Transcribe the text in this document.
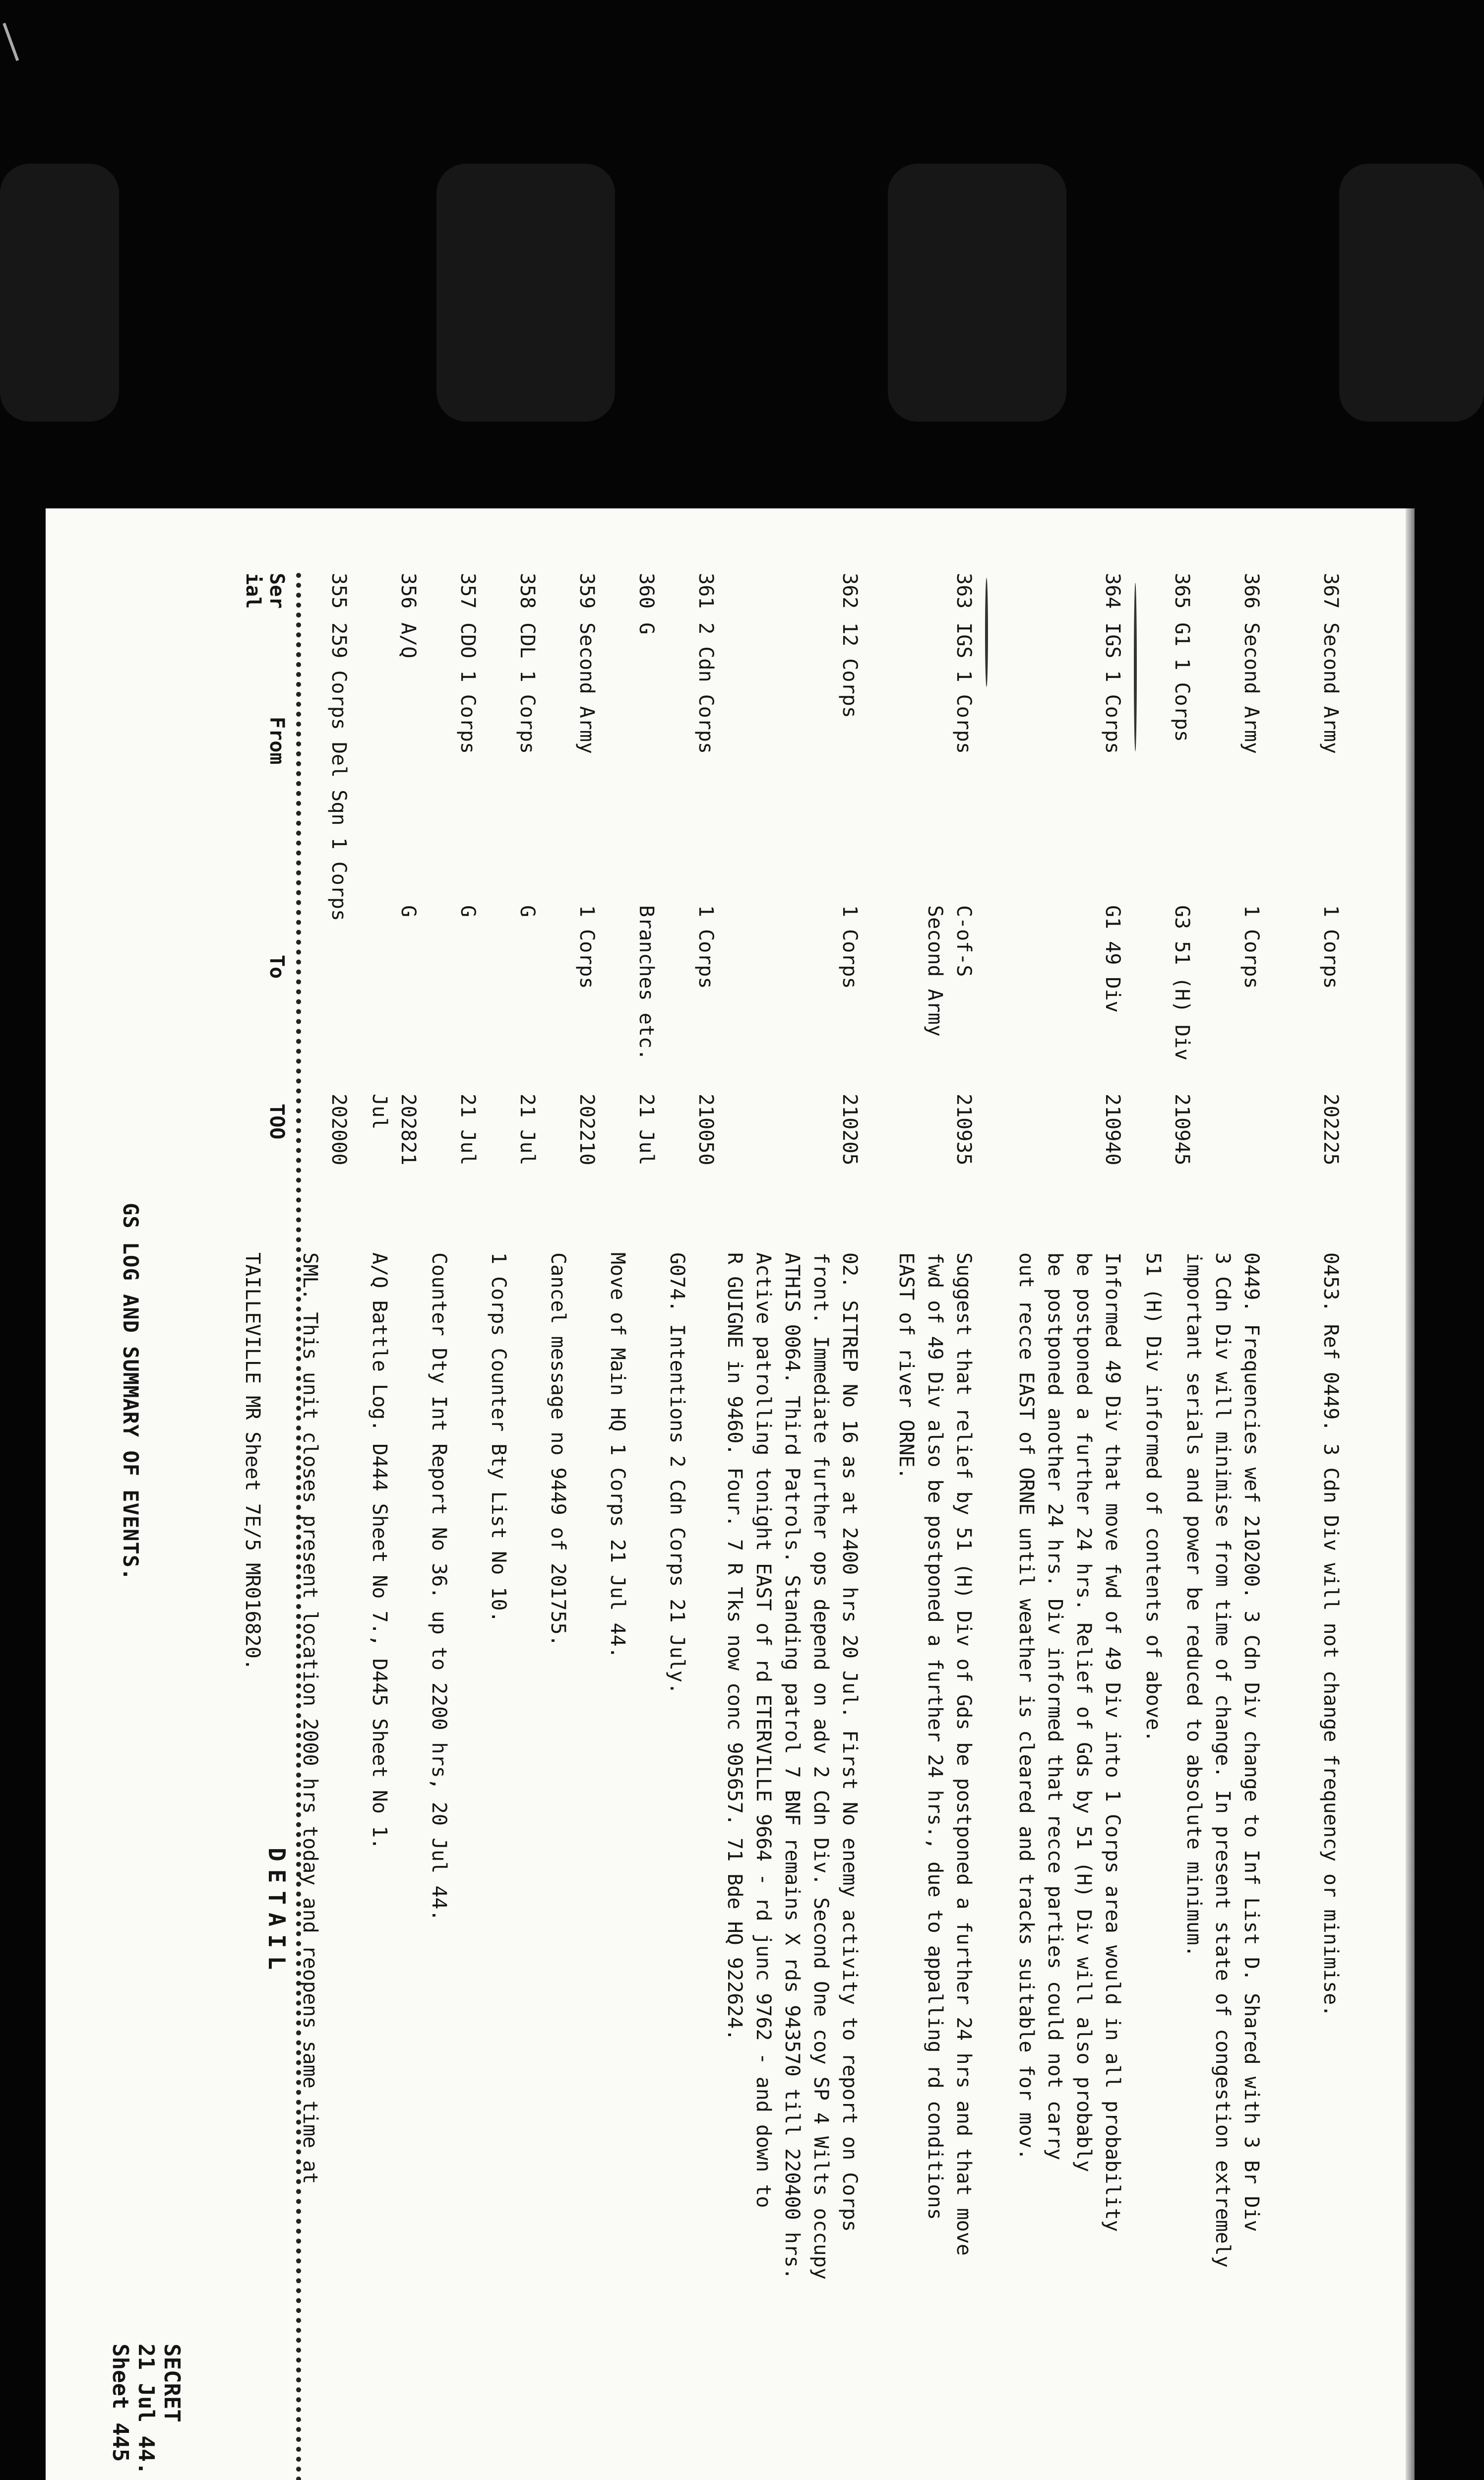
GS LOG AND SUMMARY OF EVENTS.
SECRET
21 Jul 44.
Sheet 445
Ser
ial
From
To
TOO
DETAIL
355
259 Corps Del Sqn 1 Corps
202000

SML. This unit closes present location 2000 hrs today and reopens same time at

TAILLEVILLE MR Sheet 7E/5 MR016820.

356
A/Q
G
202821
Jul

A/Q Battle Log. D444 Sheet No 7., D445 Sheet No 1.

357
CDO 1 Corps
G
21 Jul

Counter Dty Int Report No 36. up to 2200 hrs, 20 Jul 44.

358
CDL 1 Corps
G
21 Jul

1 Corps Counter Bty List No 10.

359
Second Army
1 Corps
202210

Cancel message no 9449 of 201755.

360
G
Branches etc.
21 Jul

Move of Main HQ 1 Corps 21 Jul 44.

361
2 Cdn Corps
1 Corps
210050

G074. Intentions 2 Cdn Corps 21 July.

362
12 Corps
1 Corps
210205
02. SITREP No 16 as at 2400 hrs 20 Jul. First No enemy activity to report on Corps
front. Immediate further ops depend on adv 2 Cdn Div. Second One coy SP 4 Wilts occupy
ATHIS 0064. Third Patrols. Standing patrol 7 BNF remains X rds 943570 till 220400 hrs.
Active patrolling tonight EAST of rd ETERVILLE 9664 - rd junc 9762 - and down to
R GUIGNE in 9460. Four. 7 R Tks now conc 905657. 71 Bde HQ 922624.
363
IGS 1 Corps
C-of-S
Second Army
210935
Suggest that relief by 51 (H) Div of Gds be postponed a further 24 hrs and that move
fwd of 49 Div also be postponed a further 24 hrs., due to appalling rd conditions
EAST of river ORNE.
364
IGS 1 Corps
G1 49 Div
210940
Informed 49 Div that move fwd of 49 Div into 1 Corps area would in all probability
be postponed a further 24 hrs. Relief of Gds by 51 (H) Div will also probably
be postponed another 24 hrs. Div informed that recce parties could not carry
out recce EAST of ORNE until weather is cleared and tracks suitable for mov.
365
G1 1 Corps
G3 51 (H) Div
210945

51 (H) Div informed of contents of above.

366
Second Army
1 Corps
0449. Frequencies wef 210200. 3 Cdn Div change to Inf List D. Shared with 3 Br Div
3 Cdn Div will minimise from time of change. In present state of congestion extremely
important serials and power be reduced to absolute minimum.
367
Second Army
1 Corps
202225
0453. Ref 0449. 3 Cdn Div will not change frequency or minimise.
